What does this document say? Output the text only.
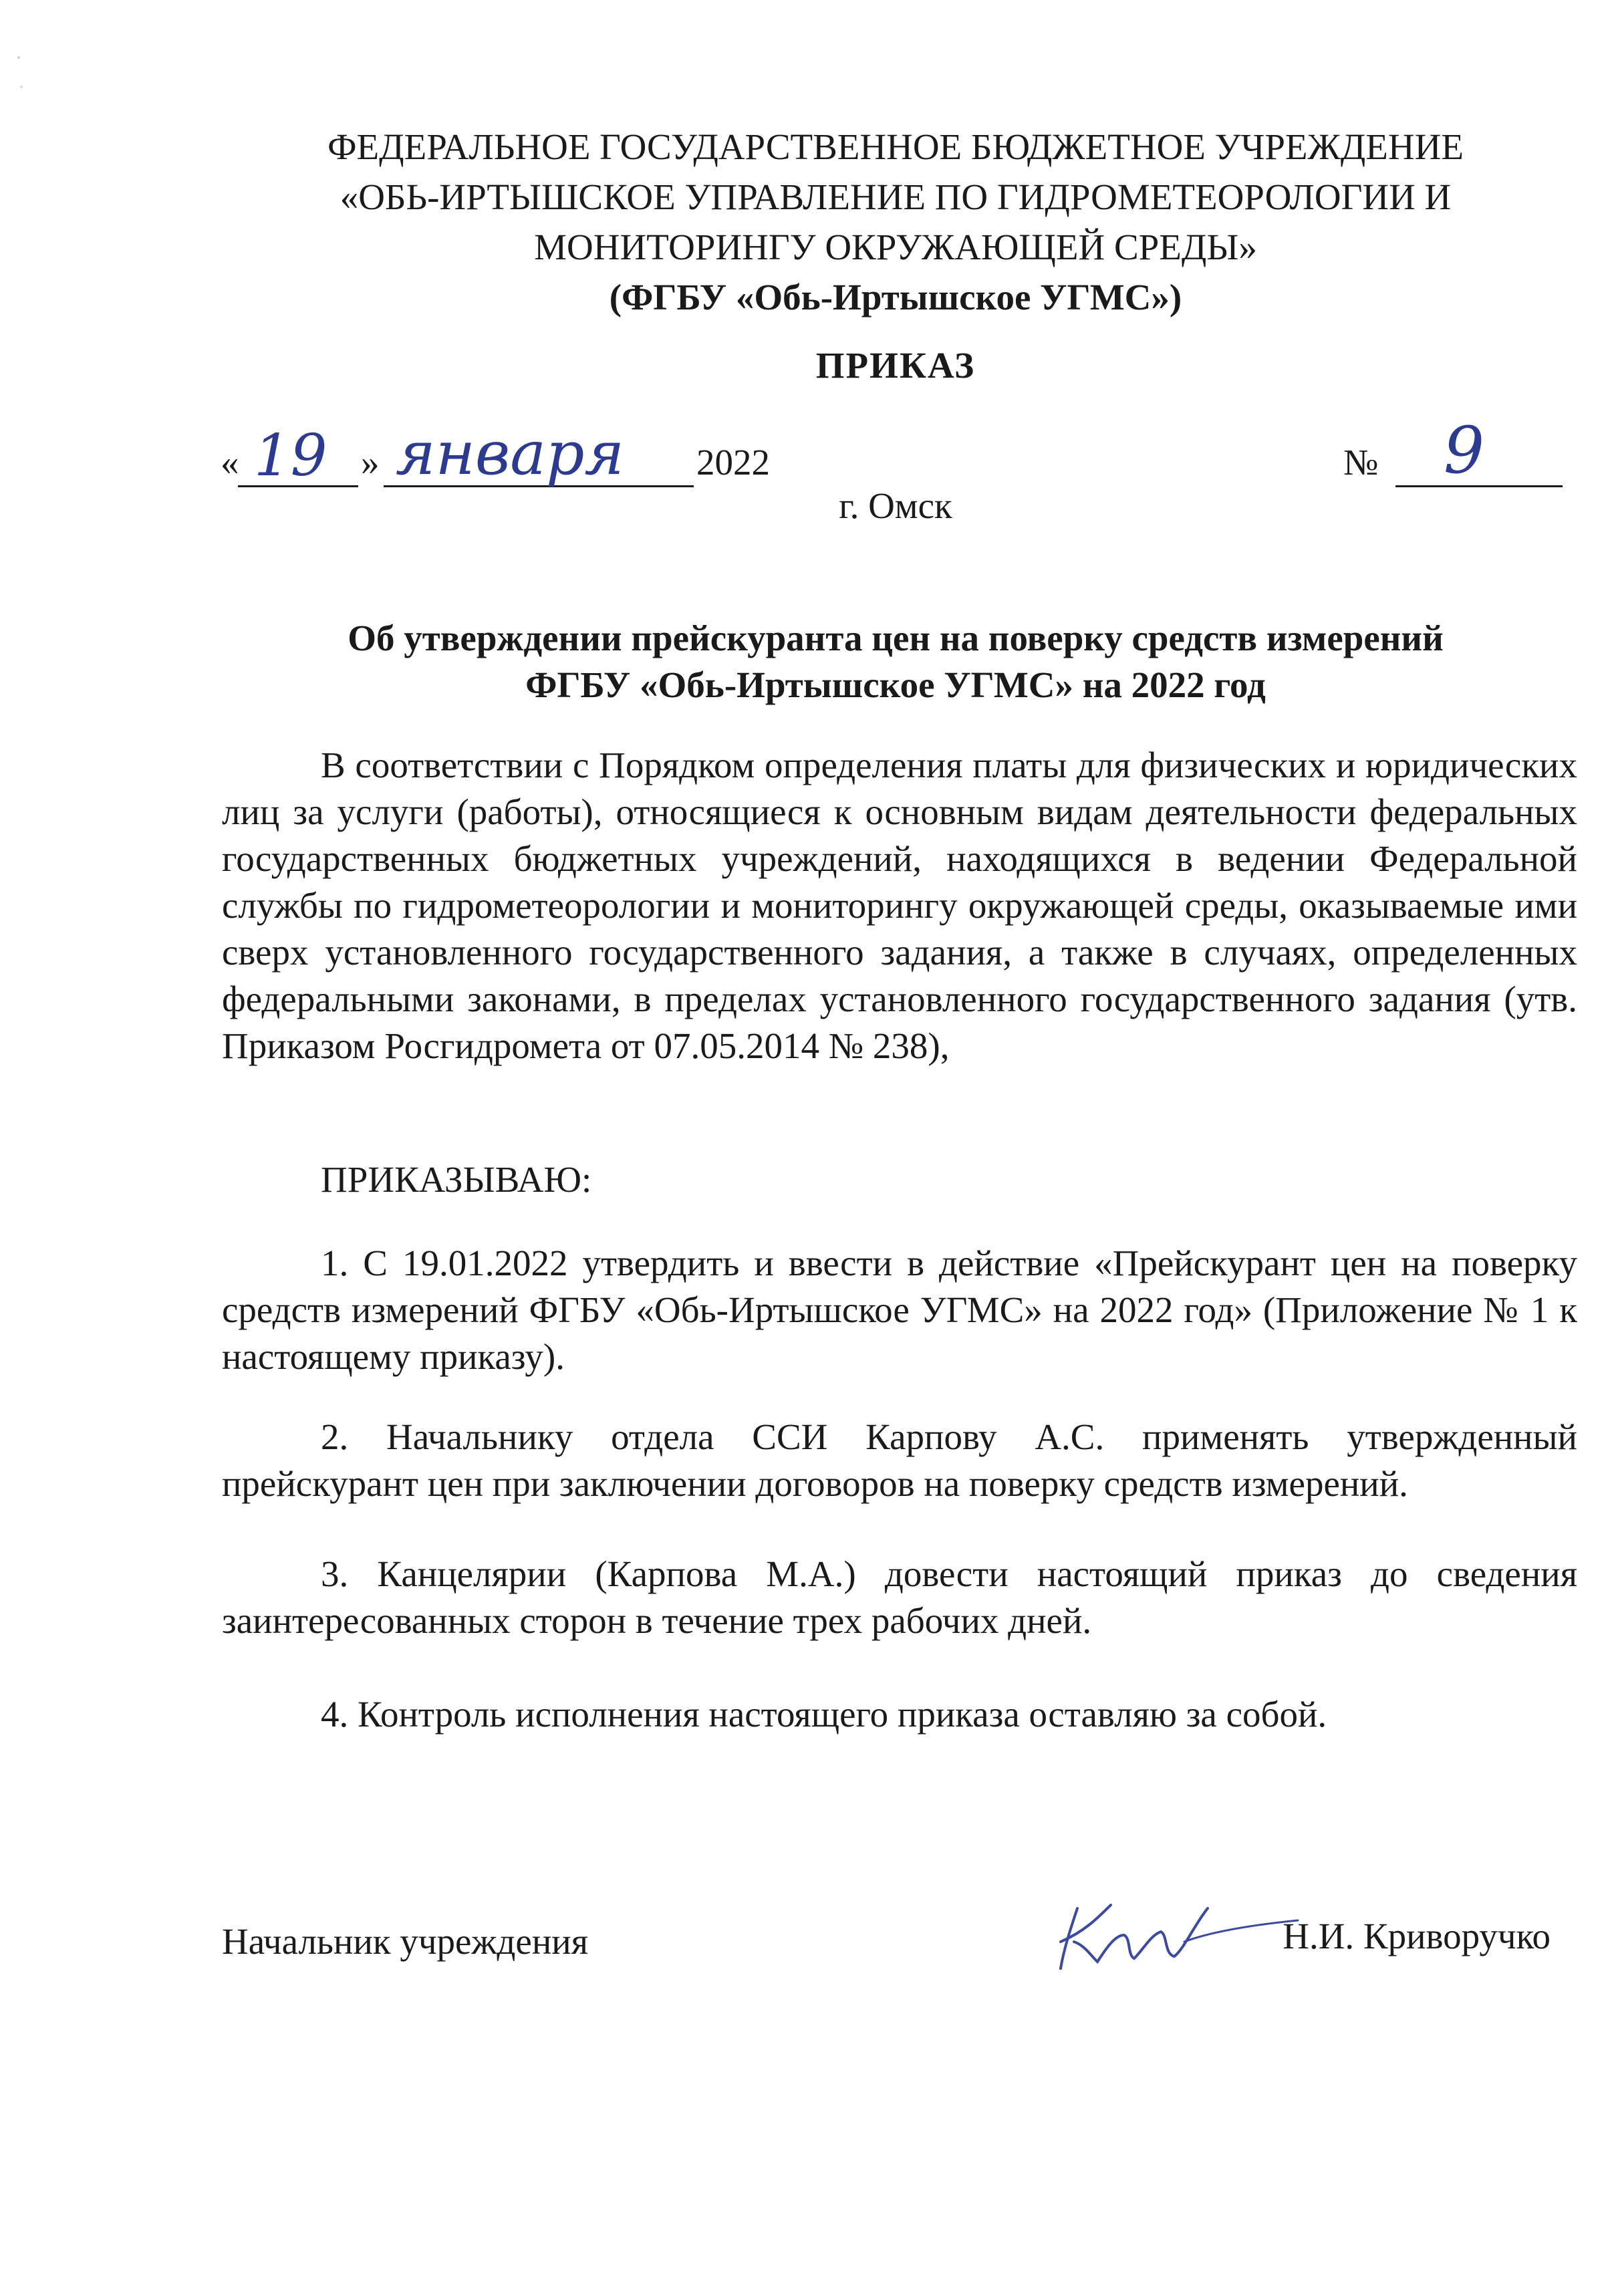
ФЕДЕРАЛЬНОЕ ГОСУДАРСТВЕННОЕ БЮДЖЕТНОЕ УЧРЕЖДЕНИЕ
«ОБЬ-ИРТЫШСКОЕ УПРАВЛЕНИЕ ПО ГИДРОМЕТЕОРОЛОГИИ И
МОНИТОРИНГУ ОКРУЖАЮЩЕЙ СРЕДЫ»
(ФГБУ «Обь-Иртышское УГМС»)
ПРИКАЗ
« 19 » января 2022	№ 9
г. Омск
Об утверждении прейскуранта цен на поверку средств измерений
ФГБУ «Обь-Иртышское УГМС» на 2022 год
В соответствии с Порядком определения платы для физических и юридических лиц за услуги (работы), относящиеся к основным видам деятельности федеральных государственных бюджетных учреждений, находящихся в ведении Федеральной службы по гидрометеорологии и мониторингу окружающей среды, оказываемые ими сверх установленного государственного задания, а также в случаях, определенных федеральными законами, в пределах установленного государственного задания (утв. Приказом Росгидромета от 07.05.2014 № 238),
ПРИКАЗЫВАЮ:
1. С 19.01.2022 утвердить и ввести в действие «Прейскурант цен на поверку средств измерений ФГБУ «Обь-Иртышское УГМС» на 2022 год» (Приложение № 1 к настоящему приказу).
2. Начальнику отдела ССИ Карпову А.С. применять утвержденный прейскурант цен при заключении договоров на поверку средств измерений.
3. Канцелярии (Карпова М.А.) довести настоящий приказ до сведения заинтересованных сторон в течение трех рабочих дней.
4. Контроль исполнения настоящего приказа оставляю за собой.
Начальник учреждения	Н.И. Криворучко
